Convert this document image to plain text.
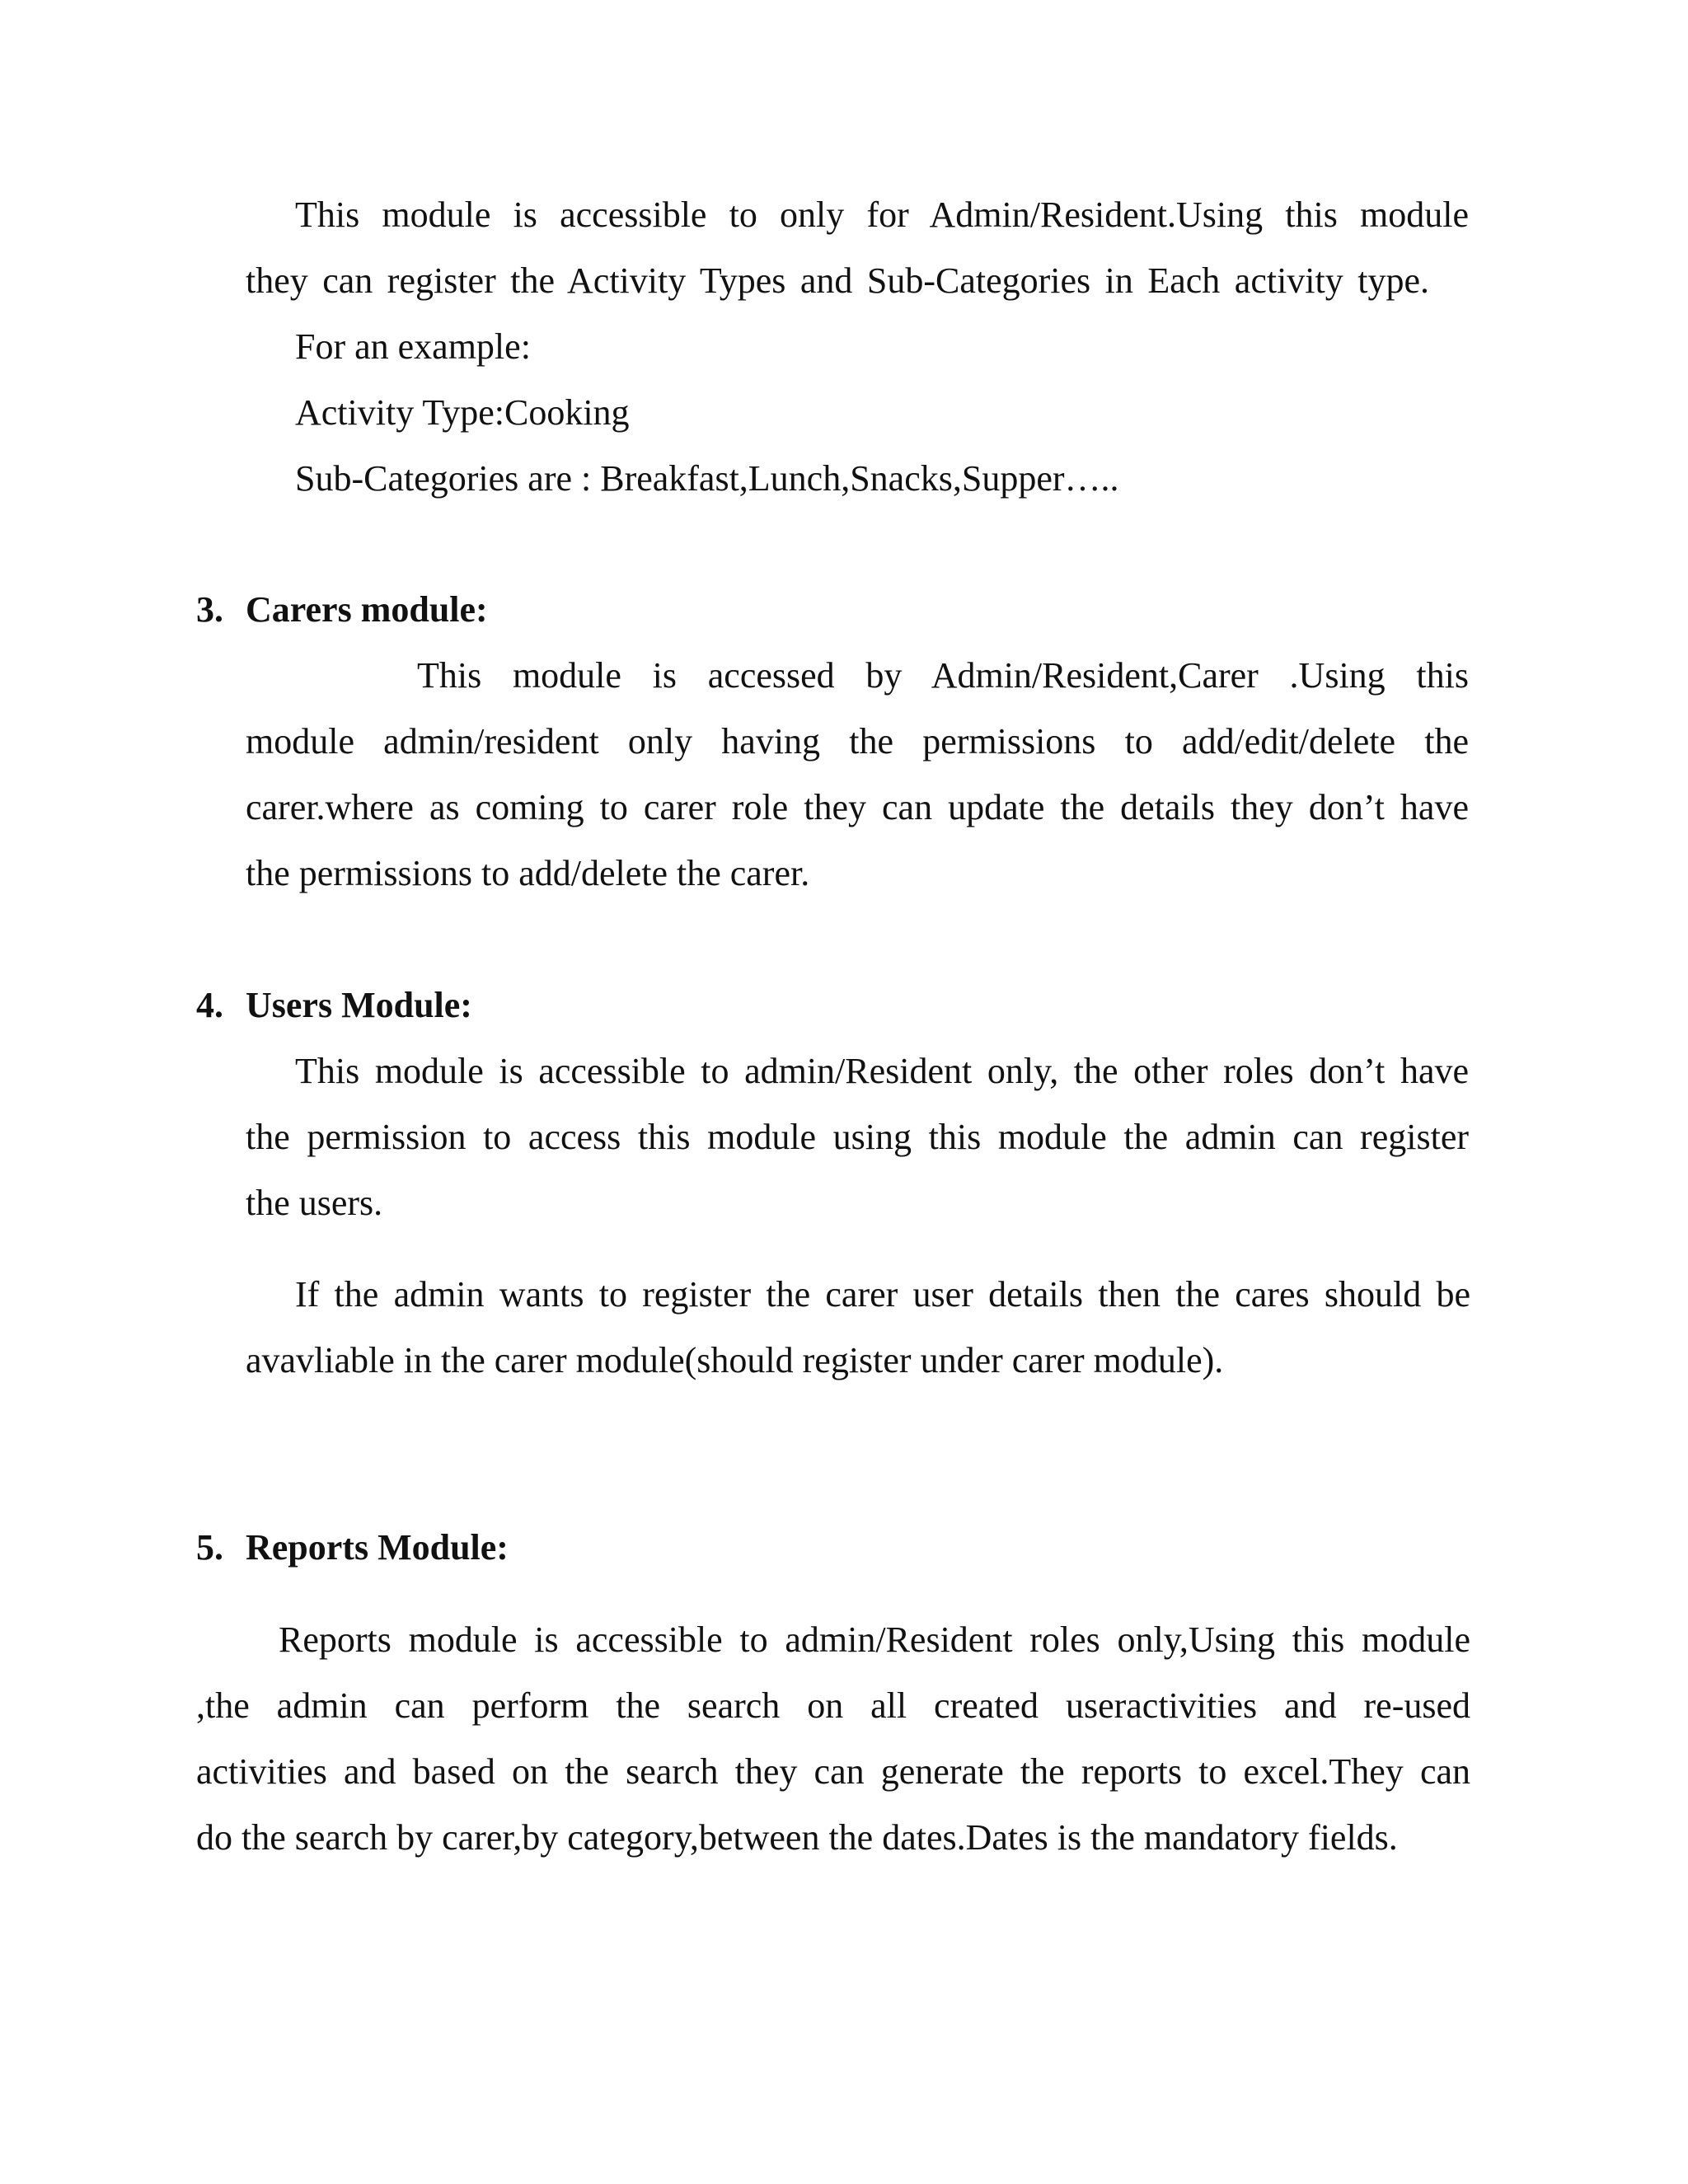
This module is accessible to only for Admin/Resident.Using this module
they can register the Activity Types and Sub-Categories in Each activity type.
For an example:
Activity Type:Cooking
Sub-Categories are : Breakfast,Lunch,Snacks,Supper…..
3. Carers module:
This module is accessed by Admin/Resident,Carer .Using this
module admin/resident only having the permissions to add/edit/delete the
carer.where as coming to carer role they can update the details they don’t have
the permissions to add/delete the carer.
4. Users Module:
This module is accessible to admin/Resident only, the other roles don’t have
the permission to access this module using this module the admin can register
the users.
If the admin wants to register the carer user details then the cares should be
avavliable in the carer module(should register under carer module).
5. Reports Module:
Reports module is accessible to admin/Resident roles only,Using this module
,the admin can perform the search on all created useractivities and re-used
activities and based on the search they can generate the reports to excel.They can
do the search by carer,by category,between the dates.Dates is the mandatory fields.
